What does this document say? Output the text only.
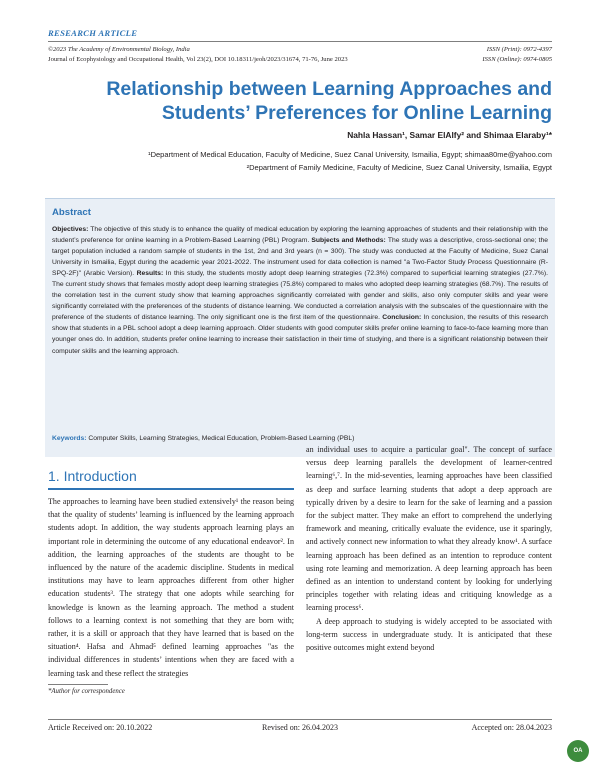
RESEARCH ARTICLE
©2023 The Academy of Environmental Biology, India
Journal of Ecophysiology and Occupational Health, Vol 23(2), DOI 10.18311/jeoh/2023/31674, 71-76, June 2023
ISSN (Print): 0972-4397
ISSN (Online): 0974-0805
Relationship between Learning Approaches and
Students’ Preferences for Online Learning
Nahla Hassan¹, Samar ElAlfy² and Shimaa Elaraby¹*
¹Department of Medical Education, Faculty of Medicine, Suez Canal University, Ismailia, Egypt; shimaa80me@yahoo.com
²Department of Family Medicine, Faculty of Medicine, Suez Canal University, Ismailia, Egypt
Abstract
Objectives: The objective of this study is to enhance the quality of medical education by exploring the learning approaches of students and their relationship with the student’s preference for online learning in a Problem-Based Learning (PBL) Program. Subjects and Methods: The study was a descriptive, cross-sectional one; the target population included a random sample of students in the 1st, 2nd and 3rd years (n = 300). The study was conducted at the Faculty of Medicine, Suez Canal University in Ismailia, Egypt during the academic year 2021-2022. The instrument used for data collection is named "a Two-Factor Study Process Questionnaire (R-SPQ-2F)" (Arabic Version). Results: In this study, the students mostly adopt deep learning strategies (72.3%) compared to superficial learning strategies (27.7%). The current study shows that females mostly adopt deep learning strategies (75.8%) compared to males who adopted deep learning strategies (68.7%). The results of the correlation test in the current study show that learning approaches significantly correlated with gender and skills, also only computer skills and year were significantly correlated with the preferences of the students of distance learning. We conducted a correlation analysis with the subscales of the questionnaire with the preference of the students of distance learning. The only significant one is the first item of the questionnaire. Conclusion: In conclusion, the results of this research show that students in a PBL school adopt a deep learning approach. Older students with good computer skills prefer online learning to face-to-face learning more than younger ones do. In addition, students prefer online learning to increase their satisfaction in their time of studying, and there is a significant relationship between their computer skills and the learning approach.
Keywords: Computer Skills, Learning Strategies, Medical Education, Problem-Based Learning (PBL)
1. Introduction

The approaches to learning have been studied extensively¹ the reason being that the quality of students’ learning is influenced by the learning approach students adopt. In addition, the way students approach learning plays an important role in determining the outcome of any educational endeavor². In addition, the learning approaches of the students are thought to be influenced by the nature of the academic discipline. Students in medical institutions may have to learn approaches different from other higher education students³. The strategy that one adopts while searching for knowledge is known as the learning approach. The method a student follows to a learning context is not something that they are born with; rather, it is a skill or approach that they have learned that is based on the situation⁴. Hafsa and Ahmad⁵ defined learning approaches "as the individual differences in students’ intentions when they are faced with a learning task and these reflect the strategies

an individual uses to acquire a particular goal". The concept of surface versus deep learning parallels the development of learner-centred learning⁶,⁷. In the mid-seventies, learning approaches have been classified as deep and surface learning students that adopt a deep approach are typically driven by a desire to learn for the sake of learning and a passion for the subject matter. They make an effort to comprehend the underlying framework and meaning, critically evaluate the evidence, use it sparingly, and actively connect new information to what they already know¹. A surface learning approach has been defined as an intention to reproduce content using rote learning and memorization. A deep learning approach has been defined as an intention to understand content by looking for underlying principles together with relating ideas and critiquing knowledge as a learning process⁶.

A deep approach to studying is widely accepted to be associated with long-term success in undergraduate study. It is anticipated that these positive outcomes might extend beyond

*Author for correspondence
Article Received on: 20.10.2022	Revised on: 26.04.2023	Accepted on: 28.04.2023
OA
